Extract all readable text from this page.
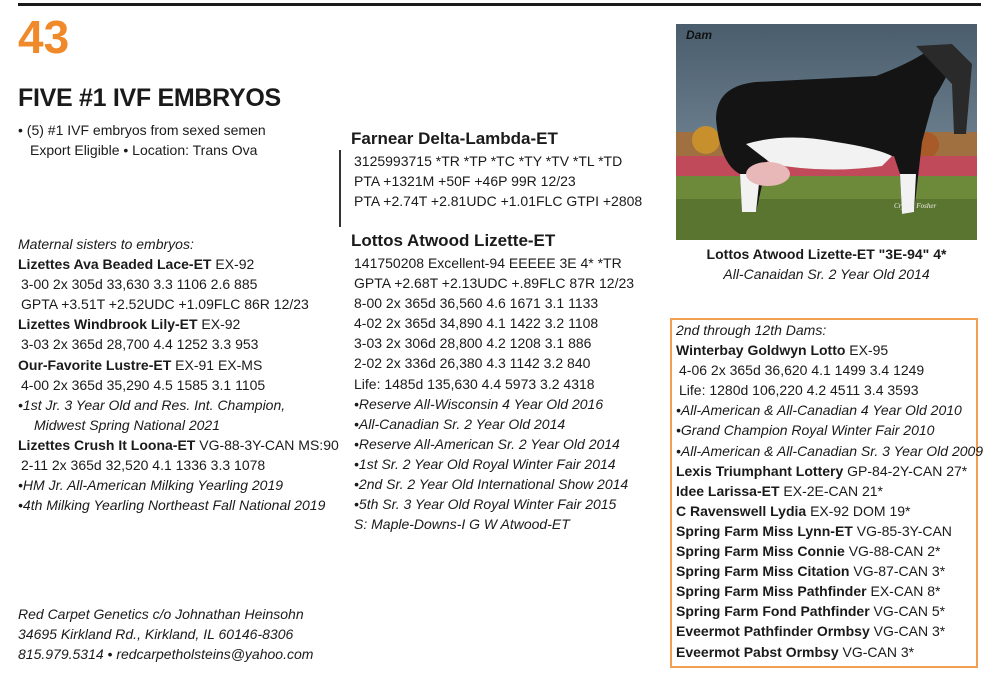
43
FIVE #1 IVF EMBRYOS
• (5) #1 IVF embryos from sexed semen
Export Eligible • Location: Trans Ova
Maternal sisters to embryos:
Lizettes Ava Beaded Lace-ET EX-92
3-00 2x 305d 33,630 3.3 1106 2.6 885
GPTA +3.51T +2.52UDC +1.09FLC 86R 12/23
Lizettes Windbrook Lily-ET EX-92
3-03 2x 365d 28,700 4.4 1252 3.3 953
Our-Favorite Lustre-ET EX-91 EX-MS
4-00 2x 365d 35,290 4.5 1585 3.1 1105
•1st Jr. 3 Year Old and Res. Int. Champion,
Midwest Spring National 2021
Lizettes Crush It Loona-ET VG-88-3Y-CAN MS:90
2-11 2x 365d 32,520 4.1 1336 3.3 1078
•HM Jr. All-American Milking Yearling 2019
•4th Milking Yearling Northeast Fall National 2019
Farnear Delta-Lambda-ET
3125993715 *TR *TP *TC *TY *TV *TL *TD
PTA +1321M +50F +46P 99R 12/23
PTA +2.74T +2.81UDC +1.01FLC GTPI +2808
Lottos Atwood Lizette-ET
141750208 Excellent-94 EEEEE 3E 4* *TR
GPTA +2.68T +2.13UDC +.89FLC 87R 12/23
8-00 2x 365d 36,560 4.6 1671 3.1 1133
4-02 2x 365d 34,890 4.1 1422 3.2 1108
3-03 2x 306d 28,800 4.2 1208 3.1 886
2-02 2x 336d 26,380 4.3 1142 3.2 840
Life: 1485d 135,630 4.4 5973 3.2 4318
•Reserve All-Wisconsin 4 Year Old 2016
•All-Canadian Sr. 2 Year Old 2014
•Reserve All-American Sr. 2 Year Old 2014
•1st Sr. 2 Year Old Royal Winter Fair 2014
•2nd Sr. 2 Year Old International Show 2014
•5th Sr. 3 Year Old Royal Winter Fair 2015
S: Maple-Downs-I G W Atwood-ET
Dam
Crystal Fosher
Lottos Atwood Lizette-ET "3E-94" 4*
All-Canaidan Sr. 2 Year Old 2014
2nd through 12th Dams:
Winterbay Goldwyn Lotto EX-95
4-06 2x 365d 36,620 4.1 1499 3.4 1249
Life: 1280d 106,220 4.2 4511 3.4 3593
•All-American & All-Canadian 4 Year Old 2010
•Grand Champion Royal Winter Fair 2010
•All-American & All-Canadian Sr. 3 Year Old 2009
Lexis Triumphant Lottery GP-84-2Y-CAN 27*
Idee Larissa-ET EX-2E-CAN 21*
C Ravenswell Lydia EX-92 DOM 19*
Spring Farm Miss Lynn-ET VG-85-3Y-CAN
Spring Farm Miss Connie VG-88-CAN 2*
Spring Farm Miss Citation VG-87-CAN 3*
Spring Farm Miss Pathfinder EX-CAN 8*
Spring Farm Fond Pathfinder VG-CAN 5*
Eveermot Pathfinder Ormbsy VG-CAN 3*
Eveermot Pabst Ormbsy VG-CAN 3*
Red Carpet Genetics c/o Johnathan Heinsohn
34695 Kirkland Rd., Kirkland, IL 60146-8306
815.979.5314 • redcarpetholsteins@yahoo.com
